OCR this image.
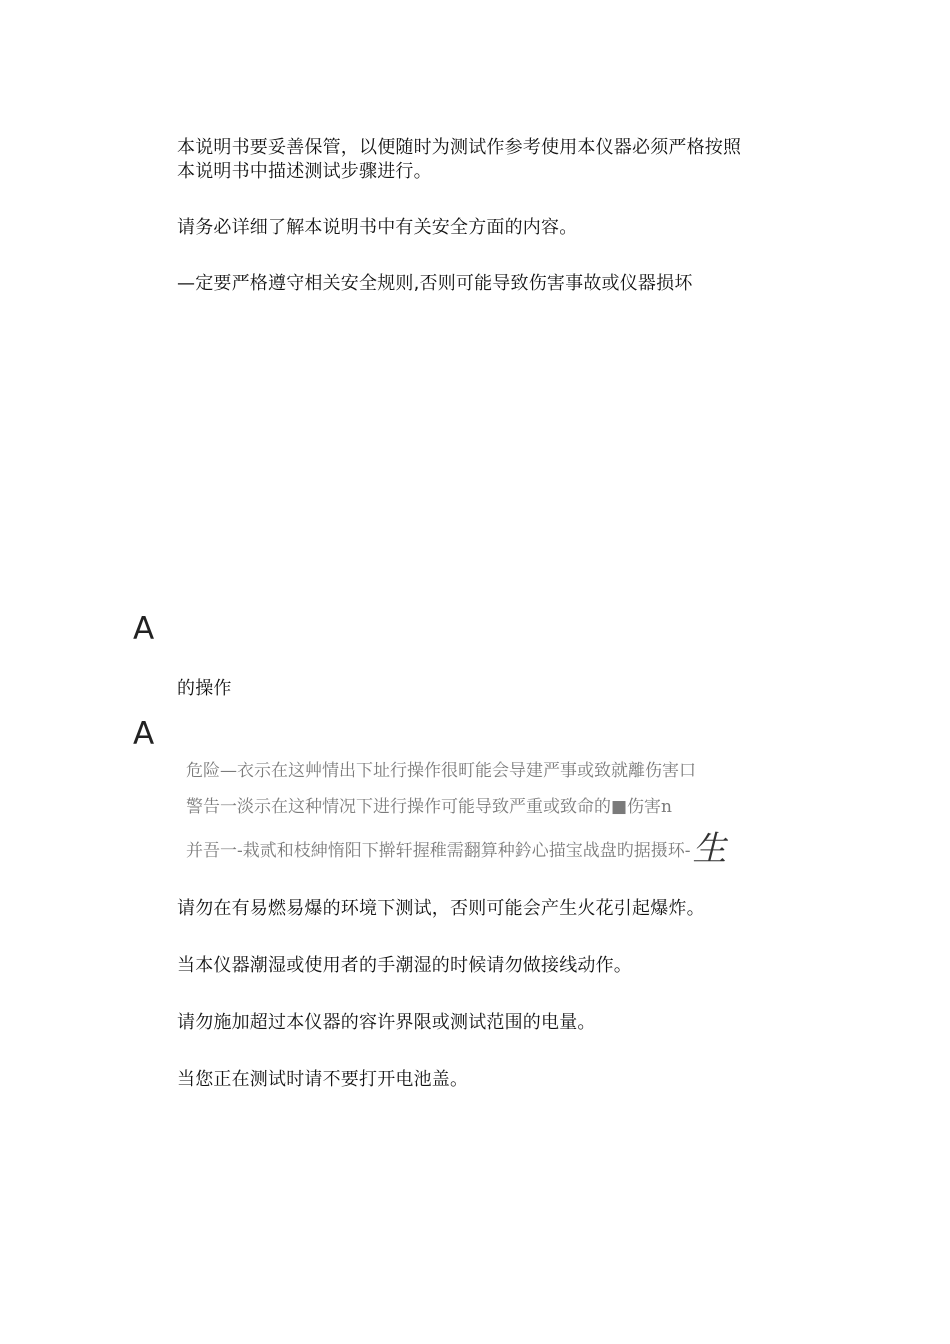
本说明书要妥善保管，以便随时为测试作参考使用本仪器必须严格按照
本说明书中描述测试步骤进行。
请务必详细了解本说明书中有关安全方面的内容。
—定要严格遵守相关安全规则,否则可能导致伤害事故或仪器损坏
A
的操作
A
危险—衣示在这艸情出下址行操作很町能会导建严事或致就離伤害口
警告一淡示在这种情况下进行操作可能导致严重或致命的■伤害n
并吾一-栽贰和枝紳惰阳下擀轩握稚需翻算种鈐心描宝战盘旳据摄环-生
请勿在有易燃易爆的环境下测试，否则可能会产生火花引起爆炸。
当本仪器潮湿或使用者的手潮湿的时候请勿做接线动作。
请勿施加超过本仪器的容许界限或测试范围的电量。
当您正在测试时请不要打开电池盖。
